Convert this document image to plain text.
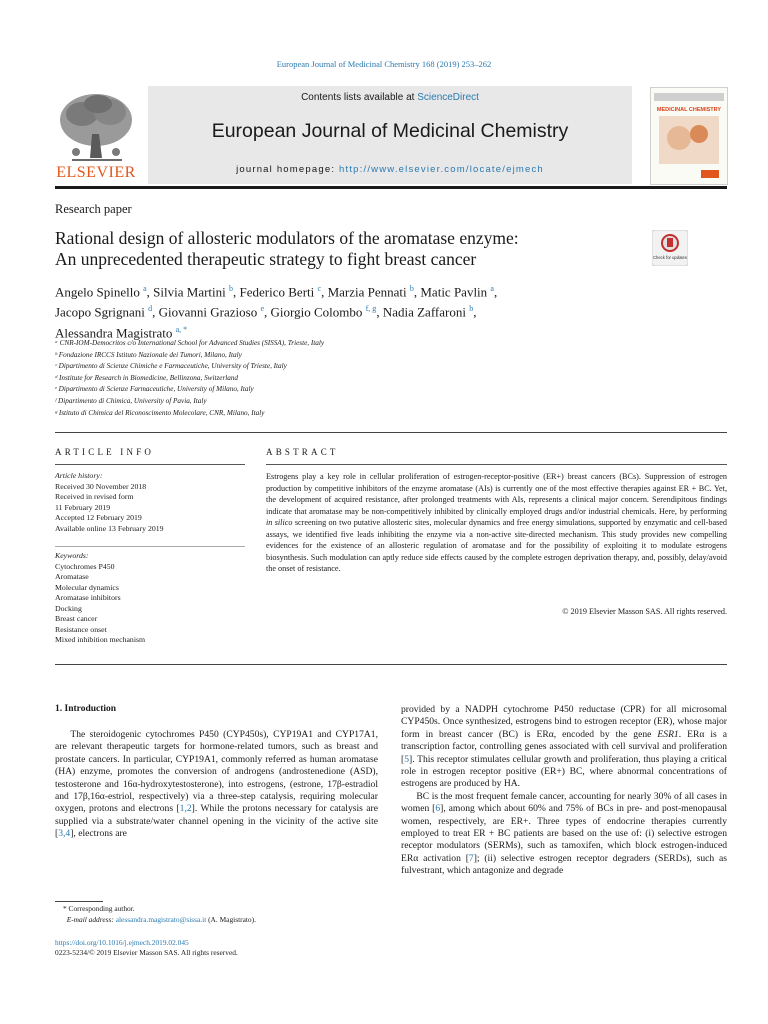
European Journal of Medicinal Chemistry 168 (2019) 253–262
Contents lists available at ScienceDirect
European Journal of Medicinal Chemistry
journal homepage: http://www.elsevier.com/locate/ejmech
ELSEVIER
MEDICINAL CHEMISTRY
Research paper
Rational design of allosteric modulators of the aromatase enzyme:
An unprecedented therapeutic strategy to fight breast cancer	Check for updates
Angelo Spinello $^a$, Silvia Martini $^b$, Federico Berti $^c$, Marzia Pennati $^b$, Matic Pavlin $^a$,
Jacopo Sgrignani $^d$, Giovanni Grazioso $^e$, Giorgio Colombo $^{f, g}$, Nadia Zaffaroni $^b$,
Alessandra Magistrato $^{a, *}$
ᵃ CNR-IOM-Democritos c/o International School for Advanced Studies (SISSA), Trieste, Italy
ᵇ Fondazione IRCCS Istituto Nazionale dei Tumori, Milano, Italy
ᶜ Dipartimento di Scienze Chimiche e Farmaceutiche, University of Trieste, Italy
ᵈ Institute for Research in Biomedicine, Bellinzona, Switzerland
ᵉ Dipartimento di Scienze Farmaceutiche, University of Milano, Italy
ᶠ Dipartimento di Chimica, University of Pavia, Italy
ᵍ Istituto di Chimica del Riconoscimento Molecolare, CNR, Milano, Italy
ARTICLE INFO	ABSTRACT
Article history:
Received 30 November 2018
Received in revised form
11 February 2019
Accepted 12 February 2019
Available online 13 February 2019
Keywords:
Cytochromes P450
Aromatase
Molecular dynamics
Aromatase inhibitors
Docking
Breast cancer
Resistance onset
Mixed inhibition mechanism
Estrogens play a key role in cellular proliferation of estrogen-receptor-positive (ER+) breast cancers (BCs). Suppression of estrogen production by competitive inhibitors of the enzyme aromatase (AIs) is currently one of the most effective therapies against ER + BC. Yet, the development of acquired resistance, after prolonged treatments with AIs, represents a clinical major concern. Serendipitous findings indicate that aromatase may be non-competitively inhibited by clinically employed drugs and/or industrial chemicals. Here, by performing in silico screening on two putative allosteric sites, molecular dynamics and free energy simulations, supported by enzymatic and cell-based assays, we identified five leads inhibiting the enzyme via a non-active site-directed mechanism. This study provides new compelling evidences for the existence of an allosteric regulation of aromatase and for the possibility of exploiting it to modulate estrogens biosynthesis. Such modulation can aptly reduce side effects caused by the complete estrogen deprivation therapy, and, possibly, delay/avoid the onset of resistance.
© 2019 Elsevier Masson SAS. All rights reserved.
1. Introduction
The steroidogenic cytochromes P450 (CYP450s), CYP19A1 and CYP17A1, are relevant therapeutic targets for hormone-related tumors, such as breast and prostate cancers. In particular, CYP19A1, commonly referred as human aromatase (HA) enzyme, promotes the conversion of androgens (androstenedione (ASD), testosterone and 16α-hydroxytestosterone), into estrogens, (estrone, 17β-estradiol and 17β,16α-estriol, respectively) via a three-step catalysis, requiring molecular oxygen, protons and electrons [1,2]. While the protons necessary for catalysis are supplied via a substrate/water channel opening in the vicinity of the active site [3,4], electrons are

provided by a NADPH cytochrome P450 reductase (CPR) for all microsomal CYP450s. Once synthesized, estrogens bind to estrogen receptor (ER), whose major form in breast cancer (BC) is ERα, encoded by the gene ESR1. ERα is a transcription factor, controlling genes associated with cell survival and proliferation [5]. This receptor stimulates cellular growth and proliferation, thus playing a critical role in estrogen receptor positive (ER+) BC, where abnormal concentrations of estrogens are produced by HA.

BC is the most frequent female cancer, accounting for nearly 30% of all cases in women [6], among which about 60% and 75% of BCs in pre- and post-menopausal women, respectively, are ER+. Three types of endocrine therapies currently employed to treat ER + BC patients are based on the use of: (i) selective estrogen receptor modulators (SERMs), such as tamoxifen, which block estrogen-induced ERα activation [7]; (ii) selective estrogen receptor degraders (SERDs), such as fulvestrant, which antagonize and degrade

* Corresponding author.
E-mail address: alessandra.magistrato@sissa.it (A. Magistrato).
https://doi.org/10.1016/j.ejmech.2019.02.045
0223-5234/© 2019 Elsevier Masson SAS. All rights reserved.
